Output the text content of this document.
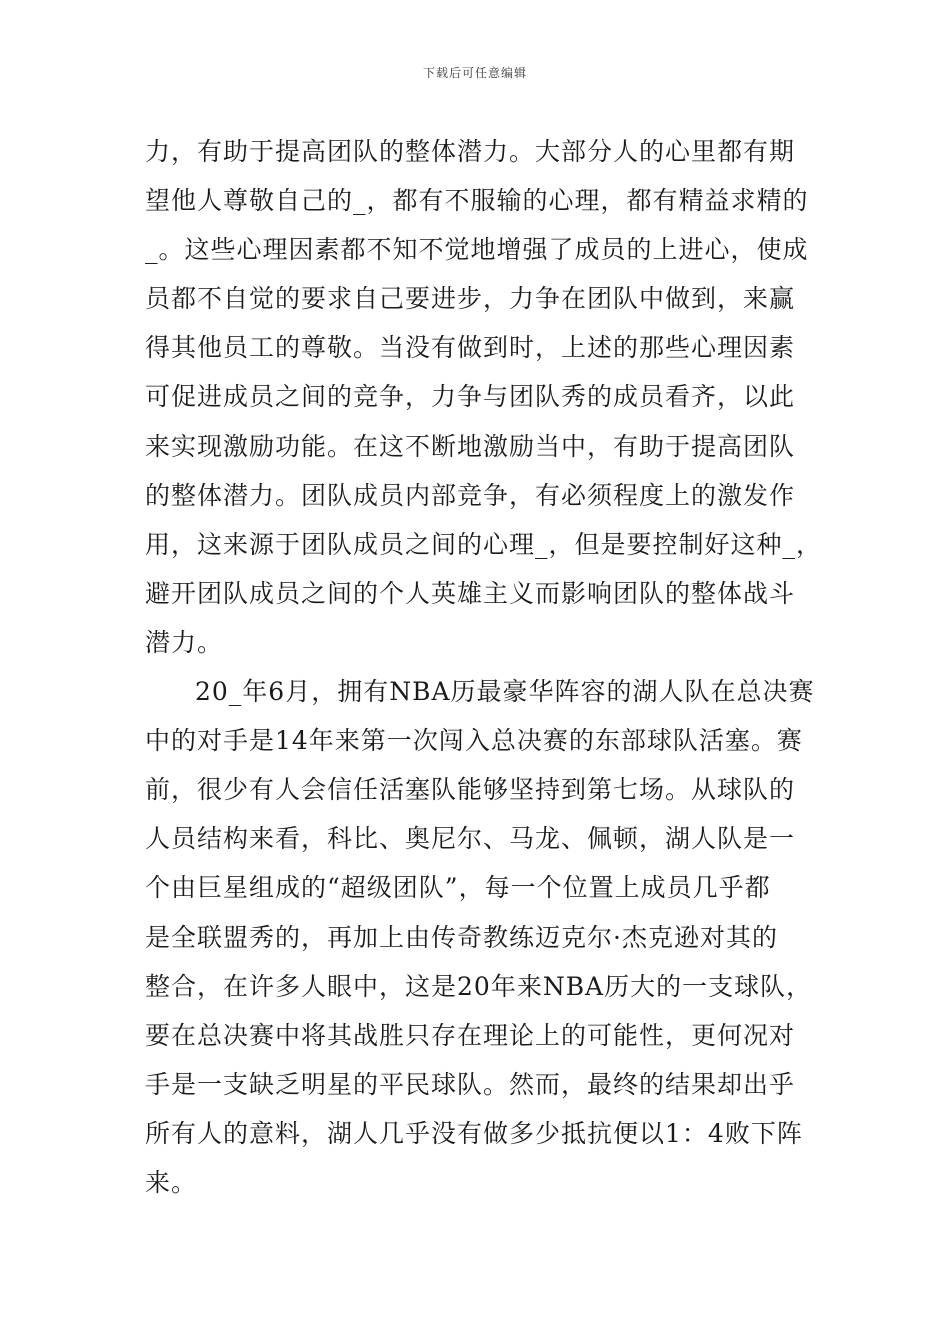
下载后可任意编辑
力，有助于提高团队的整体潜力。大部分人的心里都有期
望他人尊敬自己的_，都有不服输的心理，都有精益求精的
_。这些心理因素都不知不觉地增强了成员的上进心，使成
员都不自觉的要求自己要进步，力争在团队中做到，来赢
得其他员工的尊敬。当没有做到时，上述的那些心理因素
可促进成员之间的竞争，力争与团队秀的成员看齐，以此
来实现激励功能。在这不断地激励当中，有助于提高团队
的整体潜力。团队成员内部竞争，有必须程度上的激发作
用，这来源于团队成员之间的心理_，但是要控制好这种_，
避开团队成员之间的个人英雄主义而影响团队的整体战斗
潜力。
20_年6月，拥有NBA历最豪华阵容的湖人队在总决赛
中的对手是14年来第一次闯入总决赛的东部球队活塞。赛
前，很少有人会信任活塞队能够坚持到第七场。从球队的
人员结构来看，科比、奥尼尔、马龙、佩顿，湖人队是一
个由巨星组成的“超级团队”，每一个位置上成员几乎都
是全联盟秀的，再加上由传奇教练迈克尔·杰克逊对其的
整合，在许多人眼中，这是20年来NBA历大的一支球队，
要在总决赛中将其战胜只存在理论上的可能性，更何况对
手是一支缺乏明星的平民球队。然而，最终的结果却出乎
所有人的意料，湖人几乎没有做多少抵抗便以1：4败下阵
来。
